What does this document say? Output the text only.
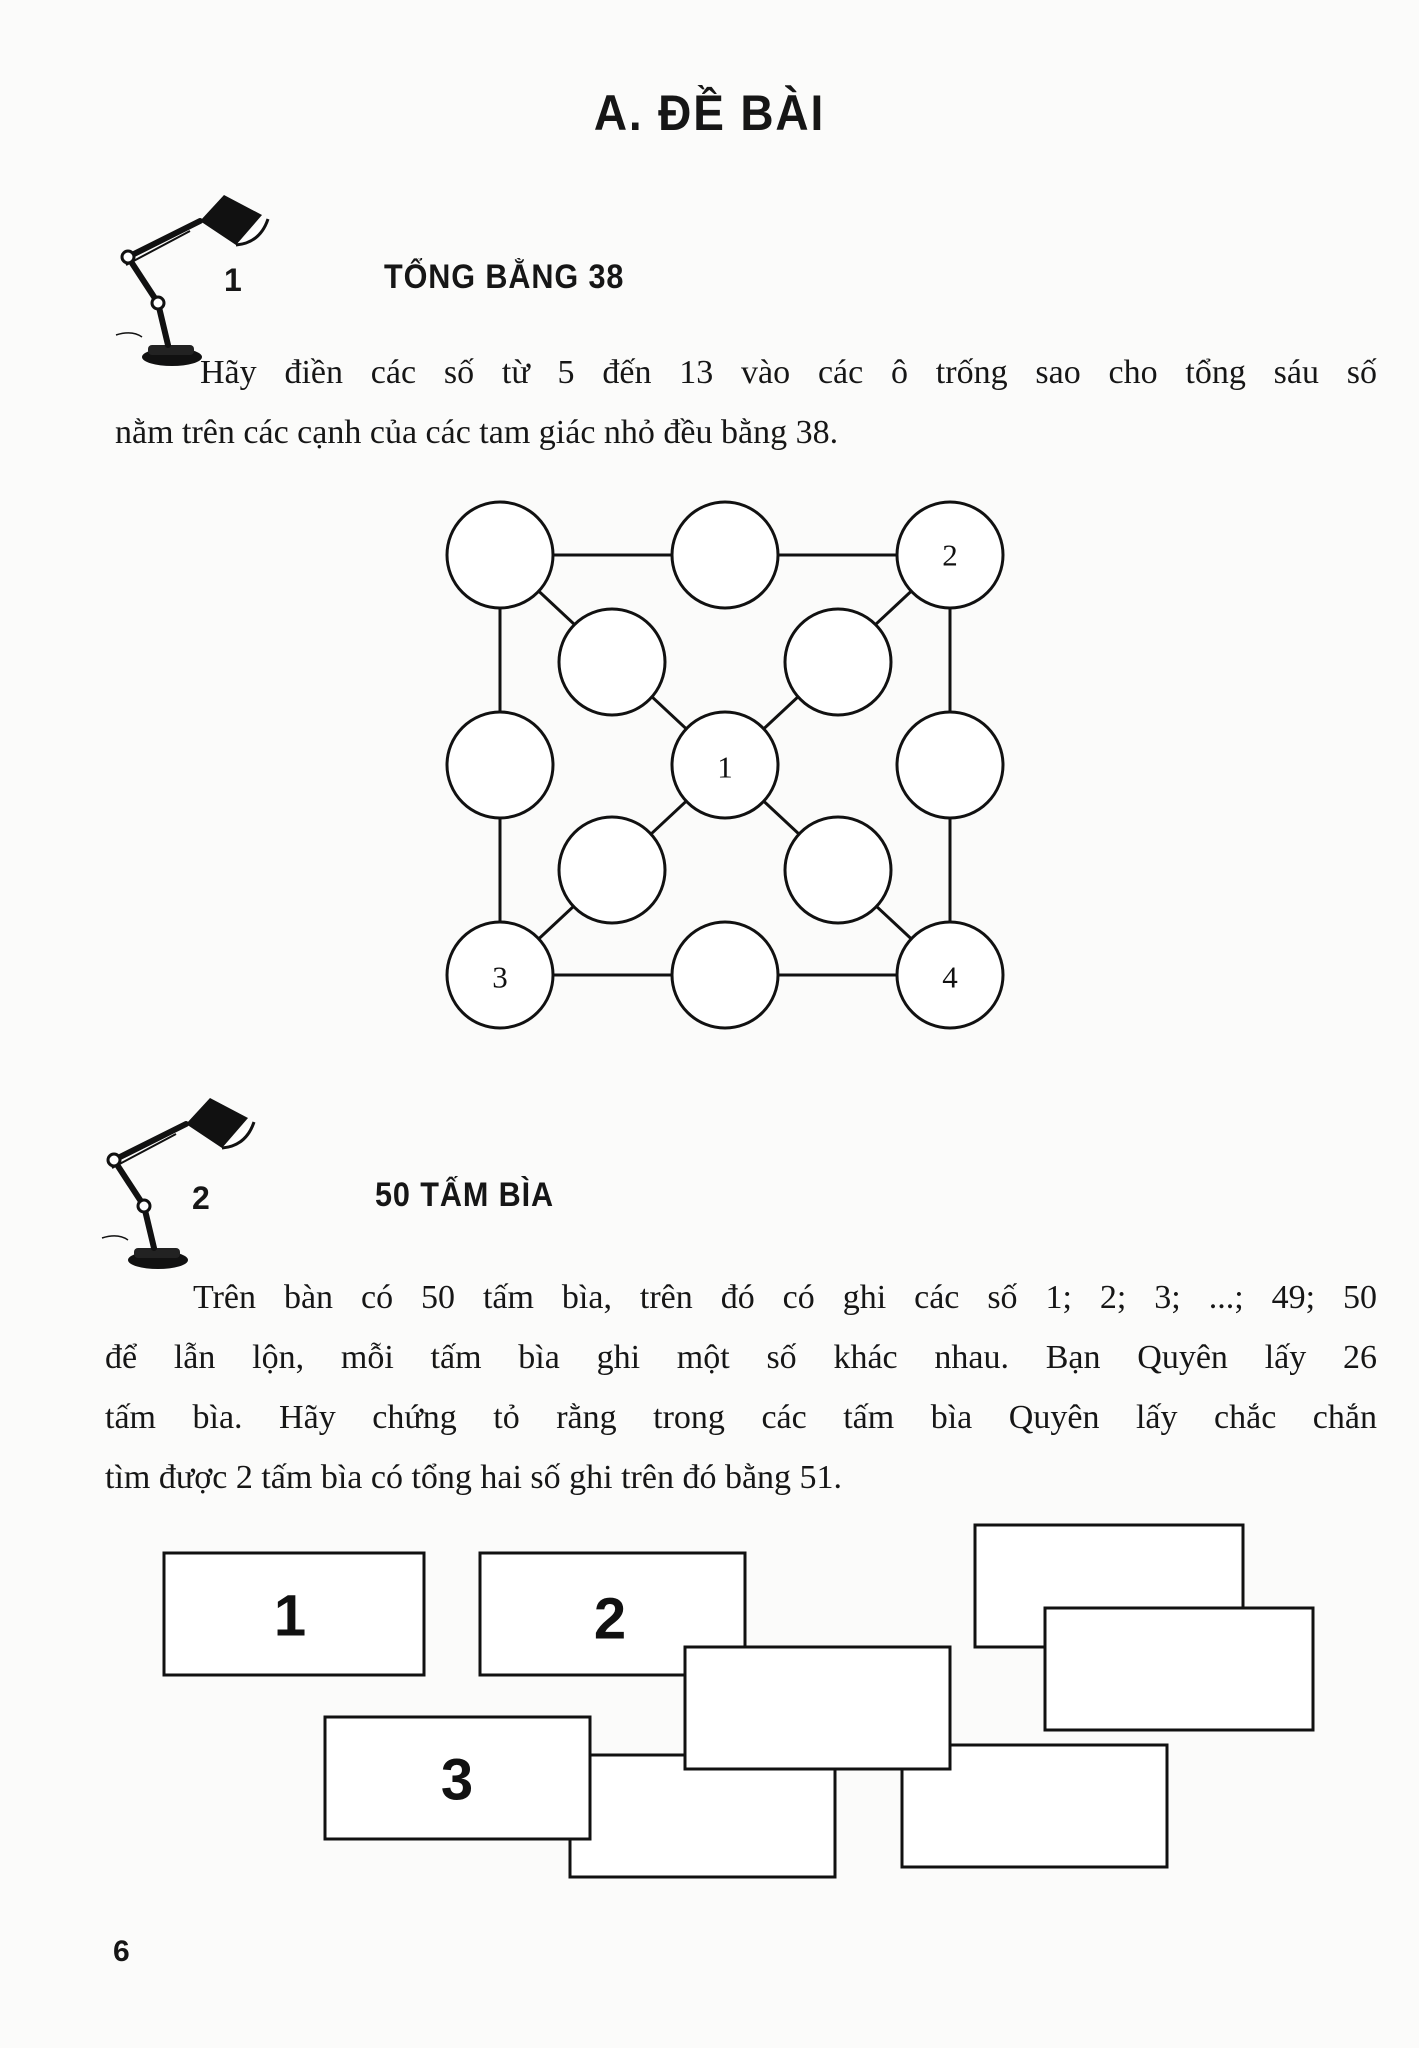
A. ĐỀ BÀI
1	TỔNG BẰNG 38
Hãy điền các số từ 5 đến 13 vào các ô trống sao cho tổng sáu số
nằm trên các cạnh của các tam giác nhỏ đều bằng 38.
2
1
3	4
2	50 TẤM BÌA
Trên bàn có 50 tấm bìa, trên đó có ghi các số 1; 2; 3; ...; 49; 50
để lẫn lộn, mỗi tấm bìa ghi một số khác nhau. Bạn Quyên lấy 26
tấm bìa. Hãy chứng tỏ rằng trong các tấm bìa Quyên lấy chắc chắn
tìm được 2 tấm bìa có tổng hai số ghi trên đó bằng 51.
1	2
3
6
